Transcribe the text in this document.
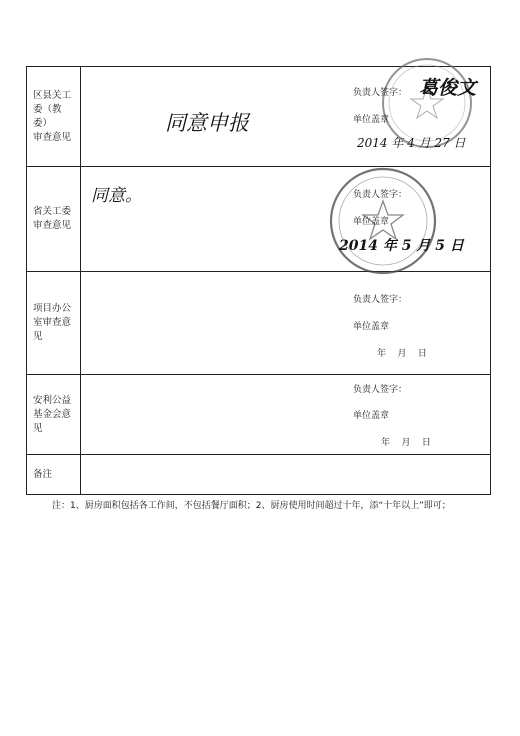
区县关工
委（教委）
审查意见
同意申报
负责人签字： 葛俊文
单位盖章
2014 年 4 月 27 日
省关工委
审查意见
同意。	负责人签字：
单位盖章
2014 年 5 月 5 日
项目办公
室审查意
见
负责人签字：
单位盖章
年    月    日
安利公益
基金会意
见
负责人签字：
单位盖章
年    月    日
备注
注：1、厨房面积包括各工作间，不包括餐厅面积；2、厨房使用时间超过十年，添“十年以上”即可；
